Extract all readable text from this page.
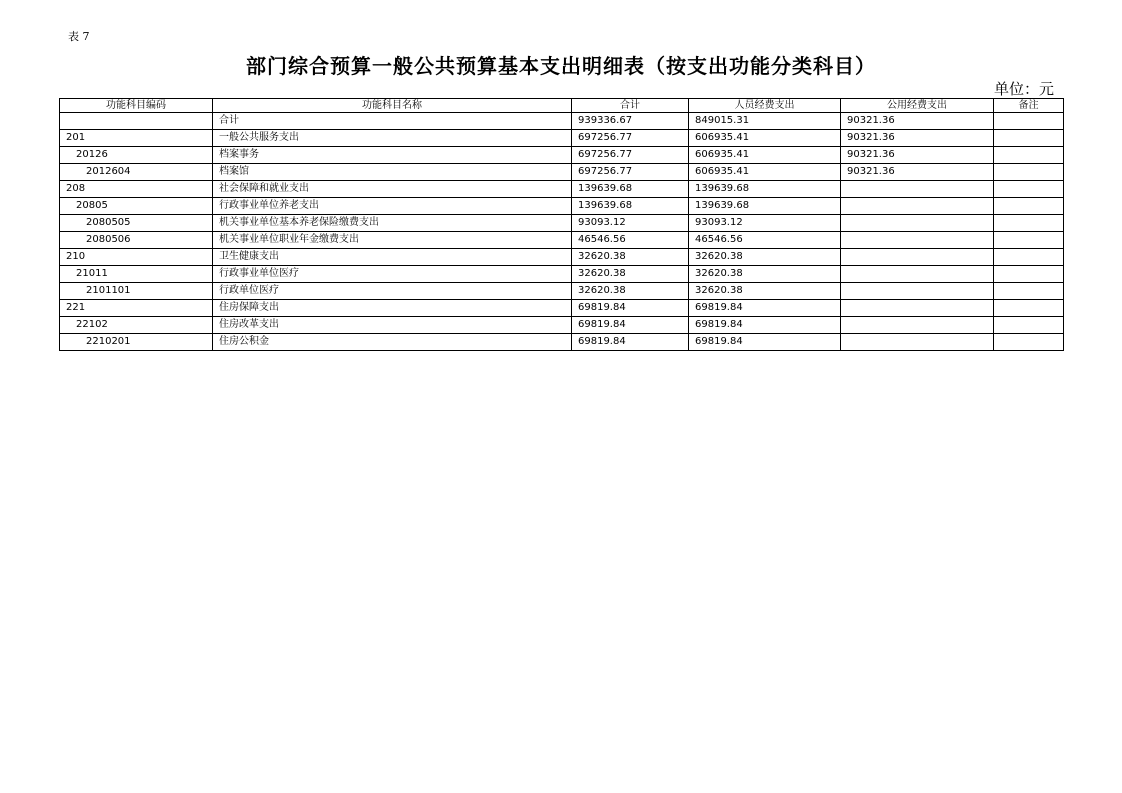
表 7
部门综合预算一般公共预算基本支出明细表（按支出功能分类科目）
单位：元
功能科目编码	功能科目名称	合计	人员经费支出	公用经费支出	备注
	合计	939336.67	849015.31	90321.36	
201	一般公共服务支出	697256.77	606935.41	90321.36	
20126	档案事务	697256.77	606935.41	90321.36	
2012604	档案馆	697256.77	606935.41	90321.36	
208	社会保障和就业支出	139639.68	139639.68		
20805	行政事业单位养老支出	139639.68	139639.68		
2080505	机关事业单位基本养老保险缴费支出	93093.12	93093.12		
2080506	机关事业单位职业年金缴费支出	46546.56	46546.56		
210	卫生健康支出	32620.38	32620.38		
21011	行政事业单位医疗	32620.38	32620.38		
2101101	行政单位医疗	32620.38	32620.38		
221	住房保障支出	69819.84	69819.84		
22102	住房改革支出	69819.84	69819.84		
2210201	住房公积金	69819.84	69819.84		
